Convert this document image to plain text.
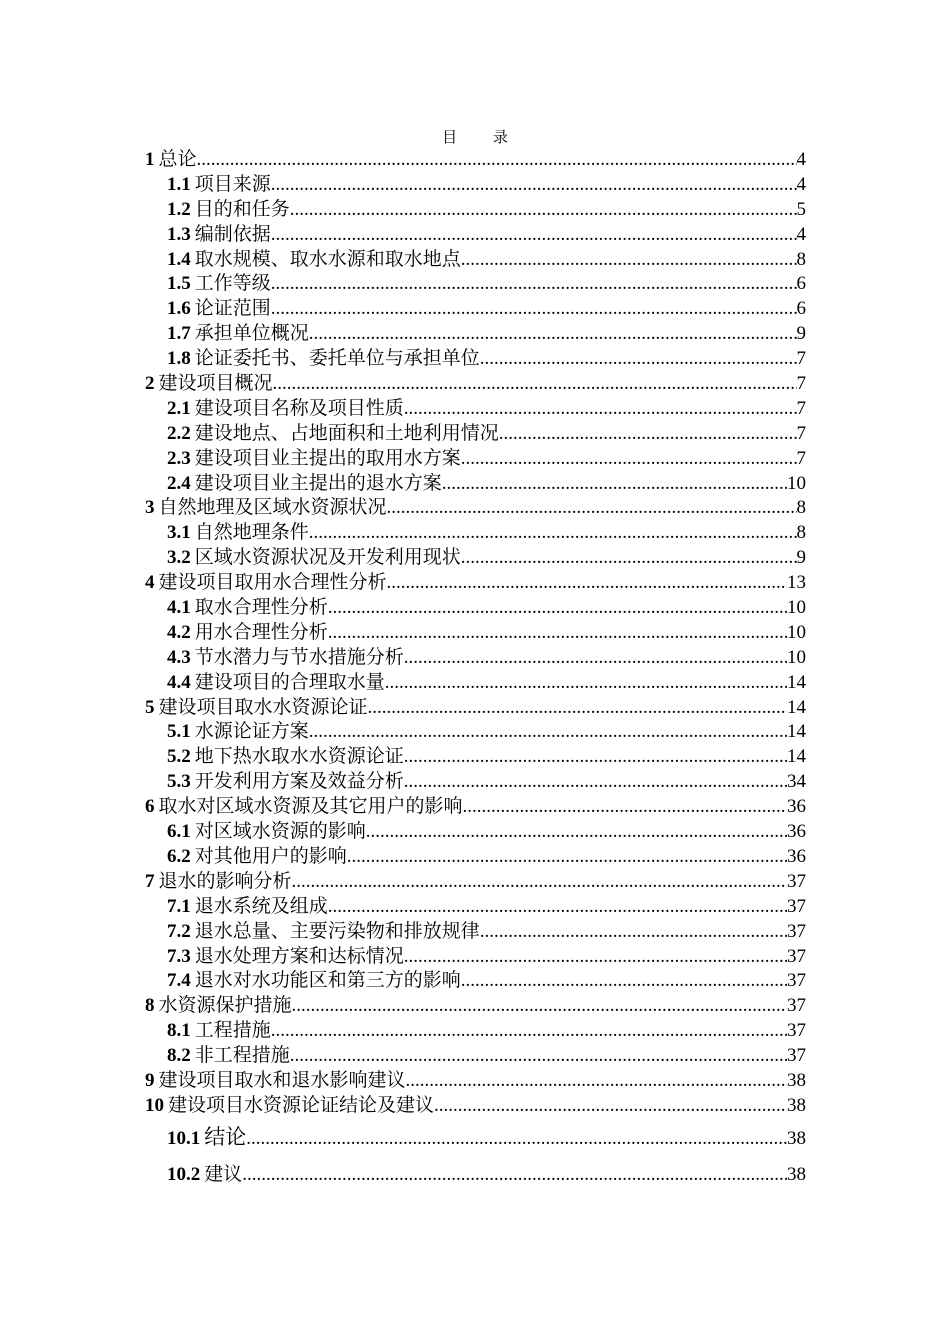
目 录
1 总论 .....	4
1.1 项目来源 .....	4
1.2 目的和任务 .....	5
1.3 编制依据 .....	4
1.4 取水规模、取水水源和取水地点 .....	8
1.5 工作等级 .....	6
1.6 论证范围 .....	6
1.7 承担单位概况 .....	9
1.8 论证委托书、委托单位与承担单位 .....	7
2 建设项目概况 .....	7
2.1 建设项目名称及项目性质 .....	7
2.2 建设地点、占地面积和土地利用情况 .....	7
2.3 建设项目业主提出的取用水方案 .....	7
2.4 建设项目业主提出的退水方案 .....	10
3 自然地理及区域水资源状况 .....	8
3.1 自然地理条件 .....	8
3.2 区域水资源状况及开发利用现状 .....	9
4 建设项目取用水合理性分析 .....	13
4.1 取水合理性分析 .....	10
4.2 用水合理性分析 .....	10
4.3 节水潜力与节水措施分析 .....	10
4.4 建设项目的合理取水量 .....	14
5 建设项目取水水资源论证 .....	14
5.1 水源论证方案 .....	14
5.2 地下热水取水水资源论证 .....	14
5.3 开发利用方案及效益分析 .....	34
6 取水对区域水资源及其它用户的影响 .....	36
6.1 对区域水资源的影响 .....	36
6.2 对其他用户的影响 .....	36
7 退水的影响分析 .....	37
7.1 退水系统及组成 .....	37
7.2 退水总量、主要污染物和排放规律 .....	37
7.3 退水处理方案和达标情况 .....	37
7.4 退水对水功能区和第三方的影响 .....	37
8 水资源保护措施 .....	37
8.1 工程措施 .....	37
8.2 非工程措施 .....	37
9 建设项目取水和退水影响建议 .....	38
10 建设项目水资源论证结论及建议 .....	38
10.1 结论 .....	38
10.2 建议 .....	38
